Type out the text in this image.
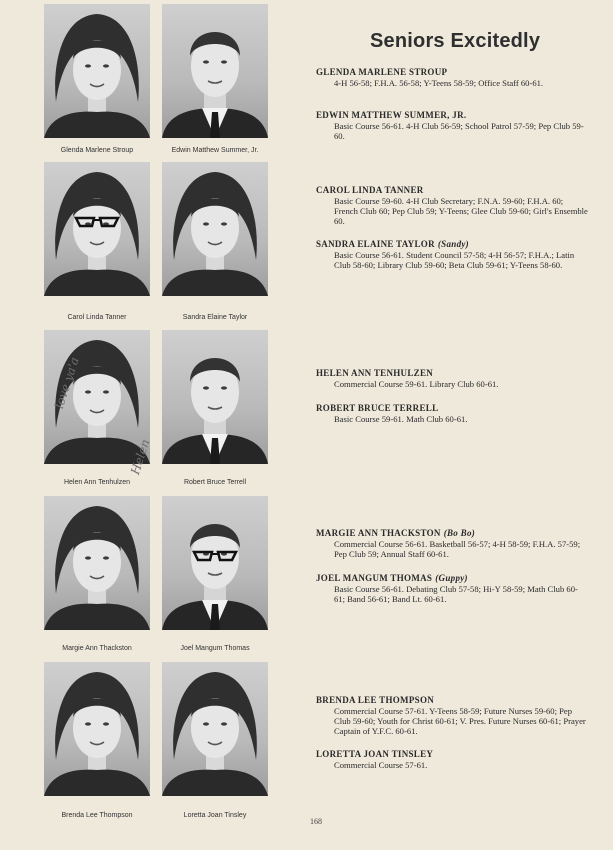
Glenda Marlene Stroup	Edwin Matthew Summer, Jr.
Carol Linda Tanner	Sandra Elaine Taylor
love ya'a
Helen
Helen Ann Tenhulzen	Robert Bruce Terrell
Margie Ann Thackston	Joel Mangum Thomas
Brenda Lee Thompson	Loretta Joan Tinsley
Seniors Excitedly
GLENDA MARLENE STROUP
4-H 56-58; F.H.A. 56-58; Y-Teens 58-59; Office Staff 60-61.
EDWIN MATTHEW SUMMER, JR.
Basic Course 56-61. 4-H Club 56-59; School Patrol 57-59; Pep Club 59-60.
CAROL LINDA TANNER
Basic Course 59-60. 4-H Club Secretary; F.N.A. 59-60; F.H.A. 60; French Club 60; Pep Club 59; Y-Teens; Glee Club 59-60; Girl's Ensemble 60.
SANDRA ELAINE TAYLOR (Sandy)
Basic Course 56-61. Student Council 57-58; 4-H 56-57; F.H.A.; Latin Club 58-60; Library Club 59-60; Beta Club 59-61; Y-Teens 58-60.
HELEN ANN TENHULZEN
Commercial Course 59-61. Library Club 60-61.
ROBERT BRUCE TERRELL
Basic Course 59-61. Math Club 60-61.
MARGIE ANN THACKSTON (Bo Bo)
Commercial Course 56-61. Basketball 56-57; 4-H 58-59; F.H.A. 57-59; Pep Club 59; Annual Staff 60-61.
JOEL MANGUM THOMAS (Guppy)
Basic Course 56-61. Debating Club 57-58; Hi-Y 58-59; Math Club 60-61; Band 56-61; Band Lt. 60-61.
BRENDA LEE THOMPSON
Commercial Course 57-61. Y-Teens 58-59; Future Nurses 59-60; Pep Club 59-60; Youth for Christ 60-61; V. Pres. Future Nurses 60-61; Prayer Captain of Y.F.C. 60-61.
LORETTA JOAN TINSLEY
Commercial Course 57-61.
168
